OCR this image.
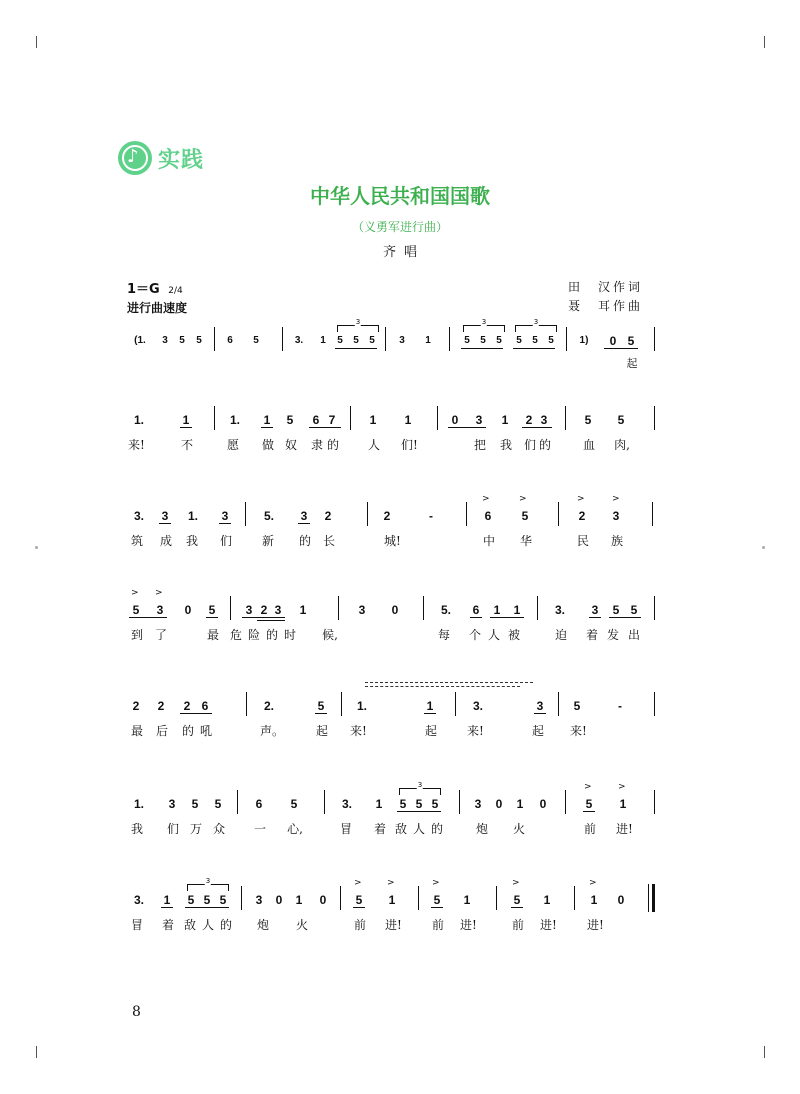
♪ 实践
中华人民共和国国歌
（义勇军进行曲）
齐唱
1＝G 2/4
进行曲速度
田　汉作词
聂　耳作曲
(1.	3	5	5	6	5	3.	1	5	5	5
3
3	1	5	5	5
3
5	5	5
3
1)	0 5
起
1.	1	1.	1	5	6 7	1	1	0	3	1	2 3	5	5
来!	不	愿 做 奴 隶 的 人 们!	把 我 们 的	血 肉,
>	>	>	>
3.	3	1.	3	5.	3	2	2	-	6	5	2	3
筑 成 我 们 新 的 长	城!	中 华	民 族
> >
5	3	0	5	3 2 3	1	3	0	5.	6	1	1	3.	3	5 5
到 了	最 危 险 的 时 候,	每 个 人 被	迫 着 发 出
2	2	2 6	2.	5	1.	1	3.	3	5	-
最 后 的 吼	声。	起 来!	起	来!	起 来!
>	>
1.	3	5	5	6	5	3.	1	5 5 5
3
3	0	1	0	5	1
我 们 万 众 一 心,	冒 着 敌 人 的	炮 火	前 进!
>	>	>	>	>
3.	1	5 5 5
3
3	0	1	0	5	1	5	1	5	1	1	0
冒 着 敌 人 的 炮 火	前 进!	前 进!	前 进!	进!
8
